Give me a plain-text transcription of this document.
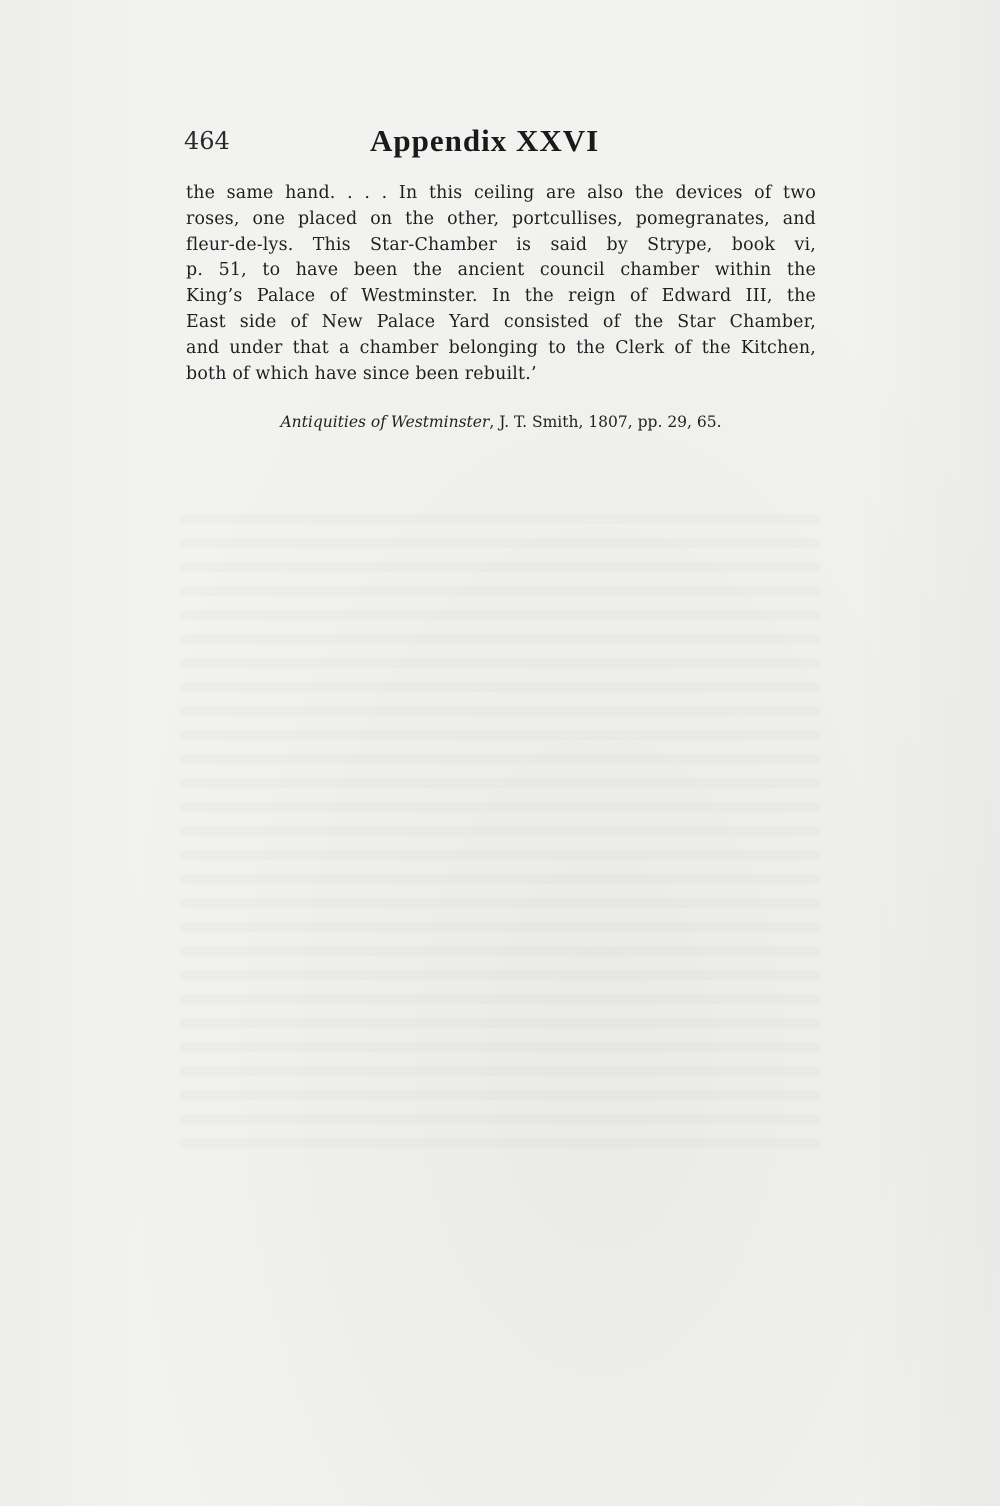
464	Appendix XXVI

the same hand. . . . In this ceiling are also the devices of two
roses, one placed on the other, portcullises, pomegranates, and
fleur-de-lys. This Star-Chamber is said by Strype, book vi,
p. 51, to have been the ancient council chamber within the
King’s Palace of Westminster. In the reign of Edward III, the
East side of New Palace Yard consisted of the Star Chamber,
and under that a chamber belonging to the Clerk of the Kitchen,
both of which have since been rebuilt.’

Antiquities of Westminster, J. T. Smith, 1807, pp. 29, 65.
